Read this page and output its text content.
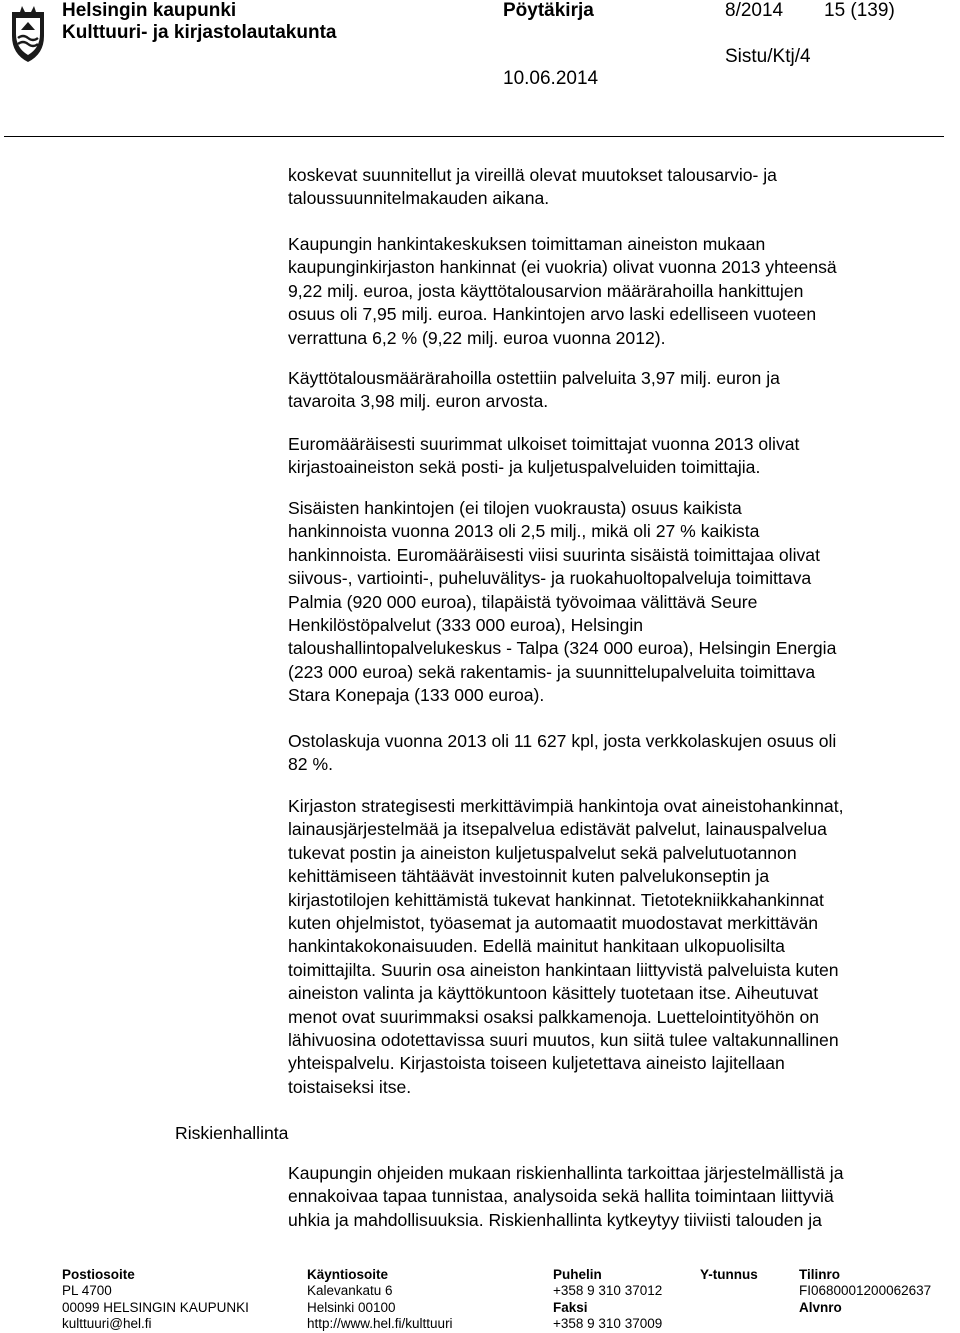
Helsingin kaupunki
Kulttuuri- ja kirjastolautakunta
Pöytäkirja	8/2014 15 (139)
Sistu/Ktj/4
10.06.2014

koskevat suunnitellut ja vireillä olevat muutokset talousarvio- ja

taloussuunnitelmakauden aikana.

Kaupungin hankintakeskuksen toimittaman aineiston mukaan

kaupunginkirjaston hankinnat (ei vuokria) olivat vuonna 2013 yhteensä

9,22 milj. euroa, josta käyttötalousarvion määrärahoilla hankittujen

osuus oli 7,95 milj. euroa. Hankintojen arvo laski edelliseen vuoteen

verrattuna 6,2 % (9,22 milj. euroa vuonna 2012).

Käyttötalousmäärärahoilla ostettiin palveluita 3,97 milj. euron ja

tavaroita 3,98 milj. euron arvosta.

Euromääräisesti suurimmat ulkoiset toimittajat vuonna 2013 olivat

kirjastoaineiston sekä posti- ja kuljetuspalveluiden toimittajia.

Sisäisten hankintojen (ei tilojen vuokrausta) osuus kaikista

hankinnoista vuonna 2013 oli 2,5 milj., mikä oli 27 % kaikista

hankinnoista. Euromääräisesti viisi suurinta sisäistä toimittajaa olivat

siivous-, vartiointi-, puheluvälitys- ja ruokahuoltopalveluja toimittava

Palmia (920 000 euroa), tilapäistä työvoimaa välittävä Seure

Henkilöstöpalvelut (333 000 euroa), Helsingin

taloushallintopalvelukeskus - Talpa (324 000 euroa), Helsingin Energia

(223 000 euroa) sekä rakentamis- ja suunnittelupalveluita toimittava

Stara Konepaja (133 000 euroa).

Ostolaskuja vuonna 2013 oli 11 627 kpl, josta verkkolaskujen osuus oli

82 %.

Kirjaston strategisesti merkittävimpiä hankintoja ovat aineistohankinnat,

lainausjärjestelmää ja itsepalvelua edistävät palvelut, lainauspalvelua

tukevat postin ja aineiston kuljetuspalvelut sekä palvelutuotannon

kehittämiseen tähtäävät investoinnit kuten palvelukonseptin ja

kirjastotilojen kehittämistä tukevat hankinnat. Tietotekniikkahankinnat

kuten ohjelmistot, työasemat ja automaatit muodostavat merkittävän

hankintakokonaisuuden. Edellä mainitut hankitaan ulkopuolisilta

toimittajilta. Suurin osa aineiston hankintaan liittyvistä palveluista kuten

aineiston valinta ja käyttökuntoon käsittely tuotetaan itse. Aiheutuvat

menot ovat suurimmaksi osaksi palkkamenoja. Luettelointityöhön on

lähivuosina odotettavissa suuri muutos, kun siitä tulee valtakunnallinen

yhteispalvelu. Kirjastoista toiseen kuljetettava aineisto lajitellaan

toistaiseksi itse.

Riskienhallinta

Kaupungin ohjeiden mukaan riskienhallinta tarkoittaa järjestelmällistä ja

ennakoivaa tapaa tunnistaa, analysoida sekä hallita toimintaan liittyviä

uhkia ja mahdollisuuksia. Riskienhallinta kytkeytyy tiiviisti talouden ja

Postiosoite
PL 4700
00099 HELSINGIN KAUPUNKI
kulttuuri@hel.fi
Käyntiosoite
Kalevankatu 6
Helsinki 00100
http://www.hel.fi/kulttuuri
Puhelin
+358 9 310 37012
Faksi
+358 9 310 37009
Y-tunnus	Tilinro
FI0680001200062637
Alvnro
